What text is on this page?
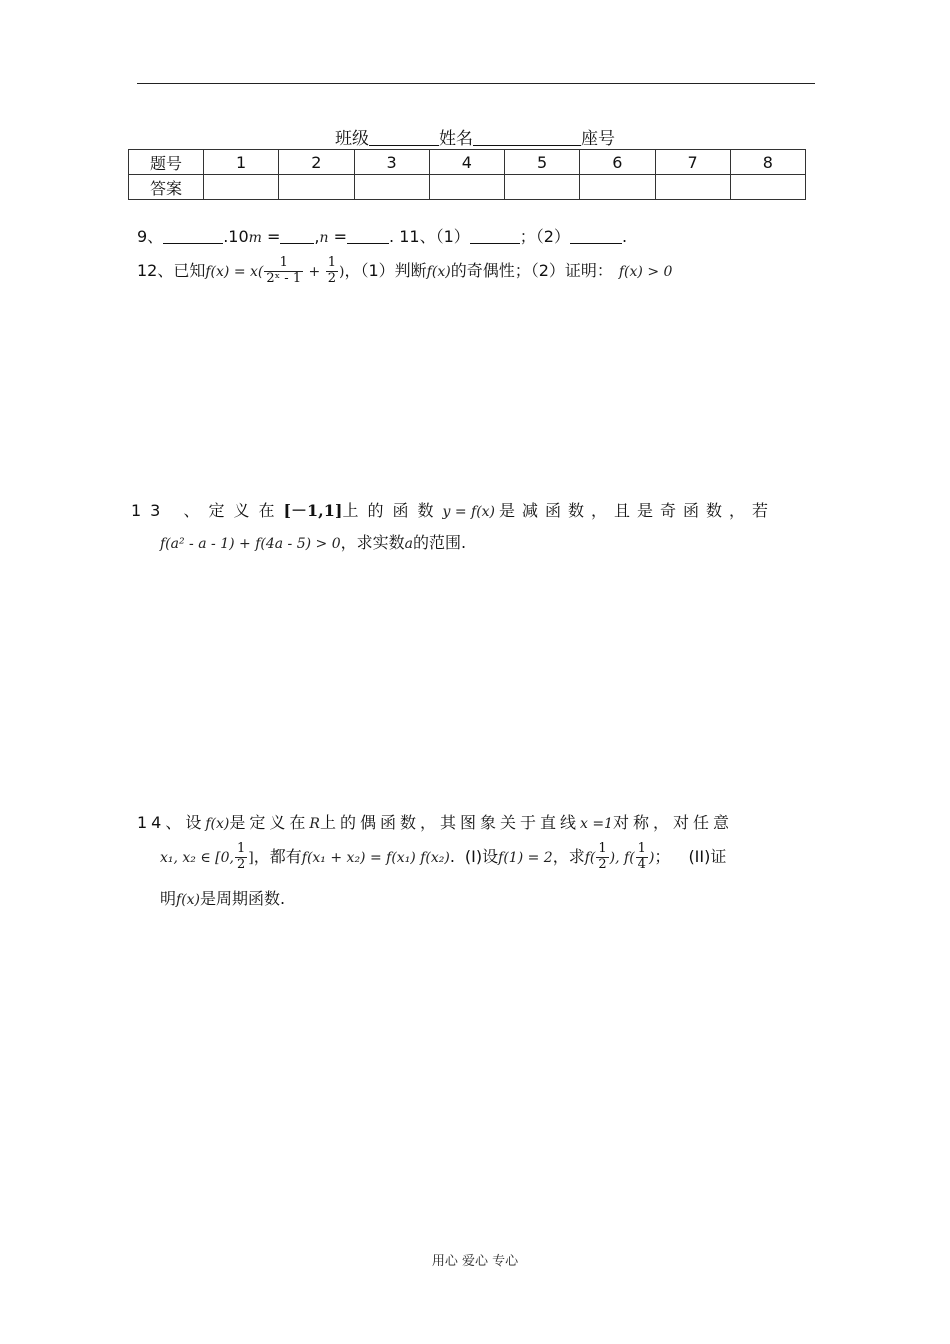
班级	姓名	座号
题号	1	2	3	4	5	6	7	8
答案								
9、	.10m = ,n =	. 11、（1）	；（2）	.
12、已知$f(x) = x( \frac{1}{\text{2ˣ - 1}} + \frac{1}{2}$ )，（1）判断f(x)的奇偶性；（2）证明： f(x) > 0
13 、定义在[－1,1]上的函数y = f(x) 是减函数，且是奇函数，若
f(a² - a - 1) + f(4a - 5) > 0，求实数a的范围.
14、设f(x)是定义在R上的偶函数，其图象关于直线x =1对称，对任意
x₁, x₂ ∈ [0, $\frac{1}{2}$ ]，都有f(x₁ + x₂) = f(x₁) f(x₂). (I)设f(1) = 2，求$f( \frac{1}{2}$ ), $f( \frac{1}{4}$ )； (II)证
明f(x)是周期函数.
用心 爱心 专心
